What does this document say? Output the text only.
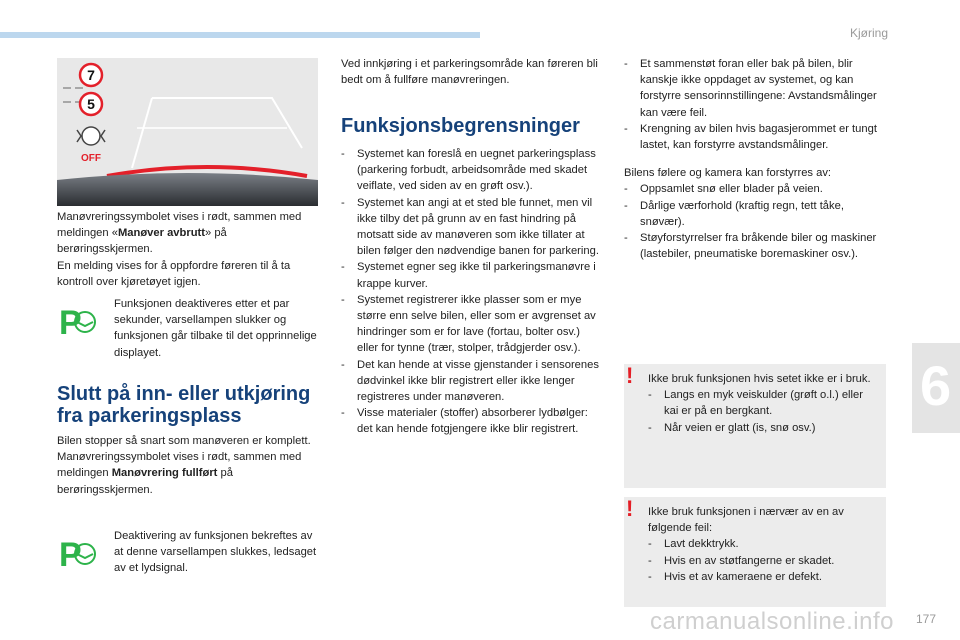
Kjøring
7
5
OFF

Manøvreringssymbolet vises i rødt, sammen med meldingen «Manøver avbrutt» på berøringsskjermen.

En melding vises for å oppfordre føreren til å ta kontroll over kjøretøyet igjen.

P	Funksjonen deaktiveres etter et par sekunder, varsellampen slukker og funksjonen går tilbake til det opprinnelige displayet.
Slutt på inn- eller utkjøring fra parkeringsplass

Bilen stopper så snart som manøveren er komplett.

Manøvreringssymbolet vises i rødt, sammen med meldingen Manøvrering fullført på berøringsskjermen.

P	Deaktivering av funksjonen bekreftes av at denne varsellampen slukkes, ledsaget av et lydsignal.

Ved innkjøring i et parkeringsområde kan føreren bli bedt om å fullføre manøvreringen.

Funksjonsbegrensninger
- Systemet kan foreslå en uegnet parkeringsplass (parkering forbudt, arbeidsområde med skadet veiflate, ved siden av en grøft osv.).
- Systemet kan angi at et sted ble funnet, men vil ikke tilby det på grunn av en fast hindring på motsatt side av manøveren som ikke tillater at bilen følger den nødvendige banen for parkering.
- Systemet egner seg ikke til parkeringsmanøvre i krappe kurver.
- Systemet registrerer ikke plasser som er mye større enn selve bilen, eller som er avgrenset av hindringer som er for lave (fortau, bolter osv.) eller for tynne (trær, stolper, trådgjerder osv.).
- Det kan hende at visse gjenstander i sensorenes dødvinkel ikke blir registrert eller ikke lenger registreres under manøveren.
- Visse materialer (stoffer) absorberer lydbølger: det kan hende fotgjengere ikke blir registrert.
- Et sammenstøt foran eller bak på bilen, blir kanskje ikke oppdaget av systemet, og kan forstyrre sensorinnstillingene: Avstandsmålinger kan være feil.
- Krengning av bilen hvis bagasjerommet er tungt lastet, kan forstyrre avstandsmålinger.

Bilens følere og kamera kan forstyrres av:

- Oppsamlet snø eller blader på veien.
- Dårlige værforhold (kraftig regn, tett tåke, snøvær).
- Støyforstyrrelser fra bråkende biler og maskiner (lastebiler, pneumatiske boremaskiner osv.).
! Ikke bruk funksjonen hvis setet ikke er i bruk.

- Langs en myk veiskulder (grøft o.l.) eller kai er på en bergkant.
- Når veien er glatt (is, snø osv.)
! Ikke bruk funksjonen i nærvær av en av følgende feil:

- Lavt dekktrykk.
- Hvis en av støtfangerne er skadet.
- Hvis et av kameraene er defekt.
6
carmanualsonline.info 177
